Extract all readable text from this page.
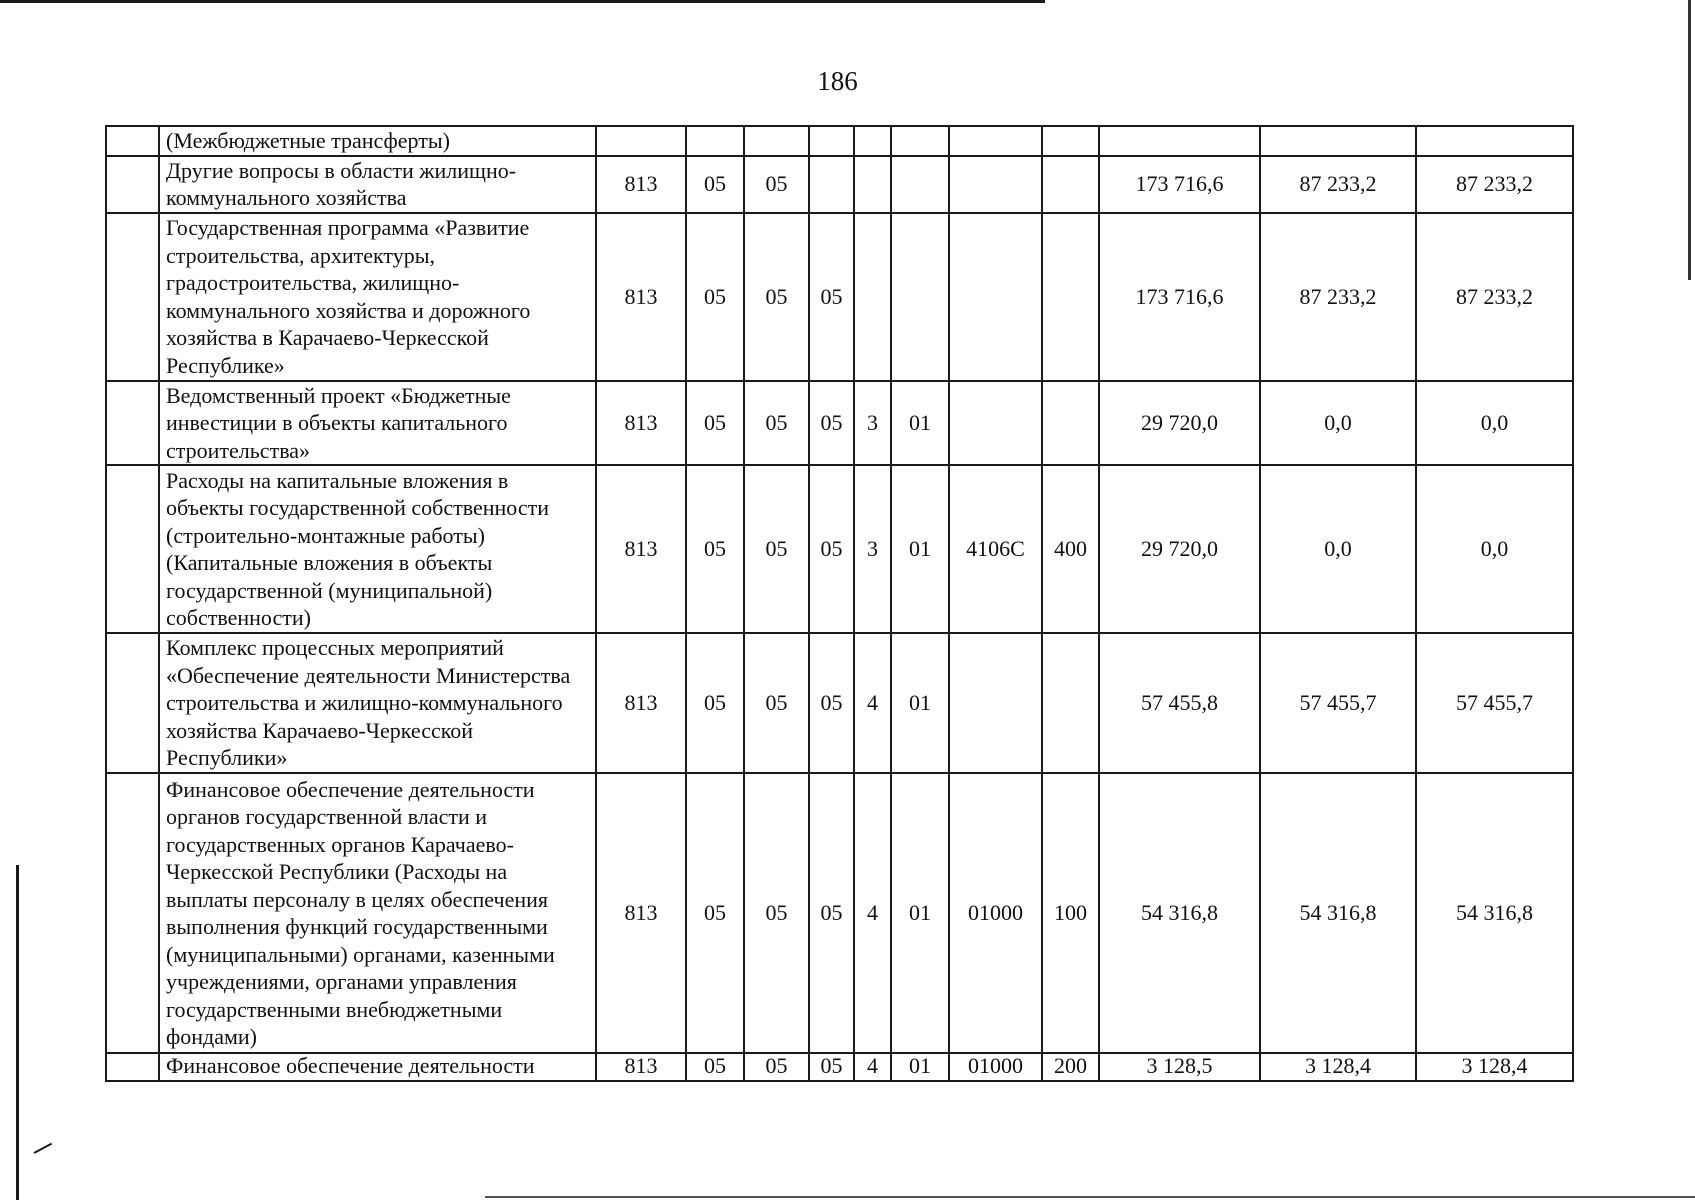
186
	(Межбюджетные трансферты)											
	Другие вопросы в области жилищно-коммунального хозяйства	813	05	05						173 716,6	87 233,2	87 233,2
	Государственная программа «Развитие строительства, архитектуры, градостроительства, жилищно-коммунального хозяйства и дорожного хозяйства в Карачаево-Черкесской Республике»	813	05	05	05					173 716,6	87 233,2	87 233,2
	Ведомственный проект «Бюджетные инвестиции в объекты капитального строительства»	813	05	05	05	3	01			29 720,0	0,0	0,0
	Расходы на капитальные вложения в объекты государственной собственности (строительно-монтажные работы) (Капитальные вложения в объекты государственной (муниципальной) собственности)	813	05	05	05	3	01	4106С	400	29 720,0	0,0	0,0
	Комплекс процессных мероприятий «Обеспечение деятельности Министерства строительства и жилищно-коммунального хозяйства Карачаево-Черкесской Республики»	813	05	05	05	4	01			57 455,8	57 455,7	57 455,7
	Финансовое обеспечение деятельности органов государственной власти и государственных органов Карачаево-Черкесской Республики (Расходы на выплаты персоналу в целях обеспечения выполнения функций государственными (муниципальными) органами, казенными учреждениями, органами управления государственными внебюджетными фондами)	813	05	05	05	4	01	01000	100	54 316,8	54 316,8	54 316,8
	Финансовое обеспечение деятельности	813	05	05	05	4	01	01000	200	3 128,5	3 128,4	3 128,4
